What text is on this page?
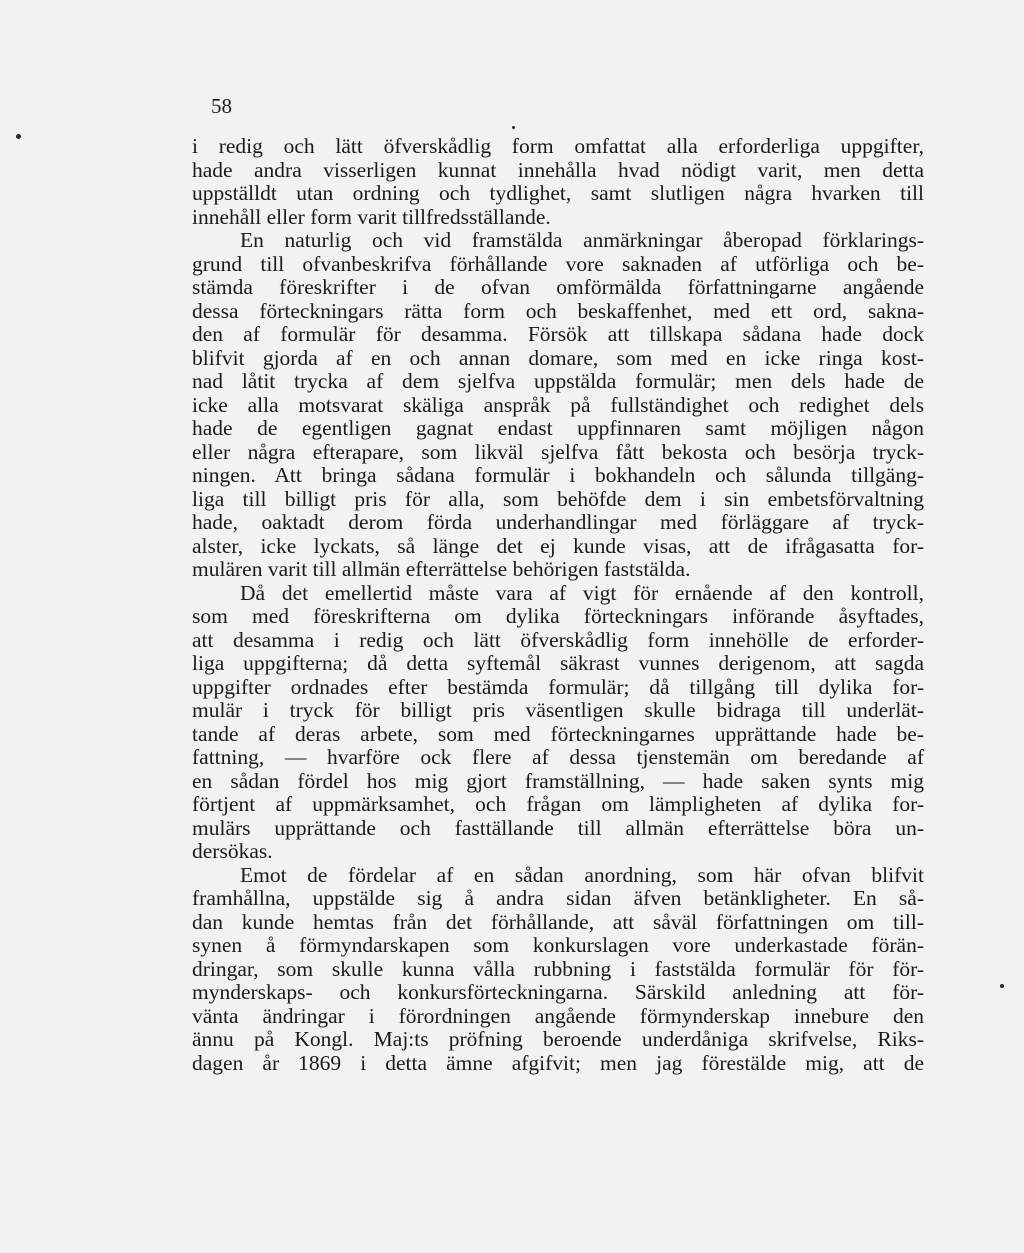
58

i redig och lätt öfverskådlig form omfattat alla erforderliga uppgifter,

hade andra visserligen kunnat innehålla hvad nödigt varit, men detta

uppställdt utan ordning och tydlighet, samt slutligen några hvarken till

innehåll eller form varit tillfredsställande.

En naturlig och vid framstälda anmärkningar åberopad förklarings-

grund till ofvanbeskrifva förhållande vore saknaden af utförliga och be-

stämda föreskrifter i de ofvan omförmälda författningarne angående

dessa förteckningars rätta form och beskaffenhet, med ett ord, sakna-

den af formulär för desamma. Försök att tillskapa sådana hade dock

blifvit gjorda af en och annan domare, som med en icke ringa kost-

nad låtit trycka af dem sjelfva uppstälda formulär; men dels hade de

icke alla motsvarat skäliga anspråk på fullständighet och redighet dels

hade de egentligen gagnat endast uppfinnaren samt möjligen någon

eller några efterapare, som likväl sjelfva fått bekosta och besörja tryck-

ningen. Att bringa sådana formulär i bokhandeln och sålunda tillgäng-

liga till billigt pris för alla, som behöfde dem i sin embetsförvaltning

hade, oaktadt derom förda underhandlingar med förläggare af tryck-

alster, icke lyckats, så länge det ej kunde visas, att de ifrågasatta for-

mulären varit till allmän efterrättelse behörigen faststälda.

Då det emellertid måste vara af vigt för ernående af den kontroll,

som med föreskrifterna om dylika förteckningars införande åsyftades,

att desamma i redig och lätt öfverskådlig form innehölle de erforder-

liga uppgifterna; då detta syftemål säkrast vunnes derigenom, att sagda

uppgifter ordnades efter bestämda formulär; då tillgång till dylika for-

mulär i tryck för billigt pris väsentligen skulle bidraga till underlät-

tande af deras arbete, som med förteckningarnes upprättande hade be-

fattning, — hvarföre ock flere af dessa tjenstemän om beredande af

en sådan fördel hos mig gjort framställning, — hade saken synts mig

förtjent af uppmärksamhet, och frågan om lämpligheten af dylika for-

mulärs upprättande och fasttällande till allmän efterrättelse böra un-

dersökas.

Emot de fördelar af en sådan anordning, som här ofvan blifvit

framhållna, uppstälde sig å andra sidan äfven betänkligheter. En så-

dan kunde hemtas från det förhållande, att såväl författningen om till-

synen å förmyndarskapen som konkurslagen vore underkastade förän-

dringar, som skulle kunna vålla rubbning i faststälda formulär för för-

mynderskaps- och konkursförteckningarna. Särskild anledning att för-

vänta ändringar i förordningen angående förmynderskap innebure den

ännu på Kongl. Maj:ts pröfning beroende underdåniga skrifvelse, Riks-

dagen år 1869 i detta ämne afgifvit; men jag förestälde mig, att de
